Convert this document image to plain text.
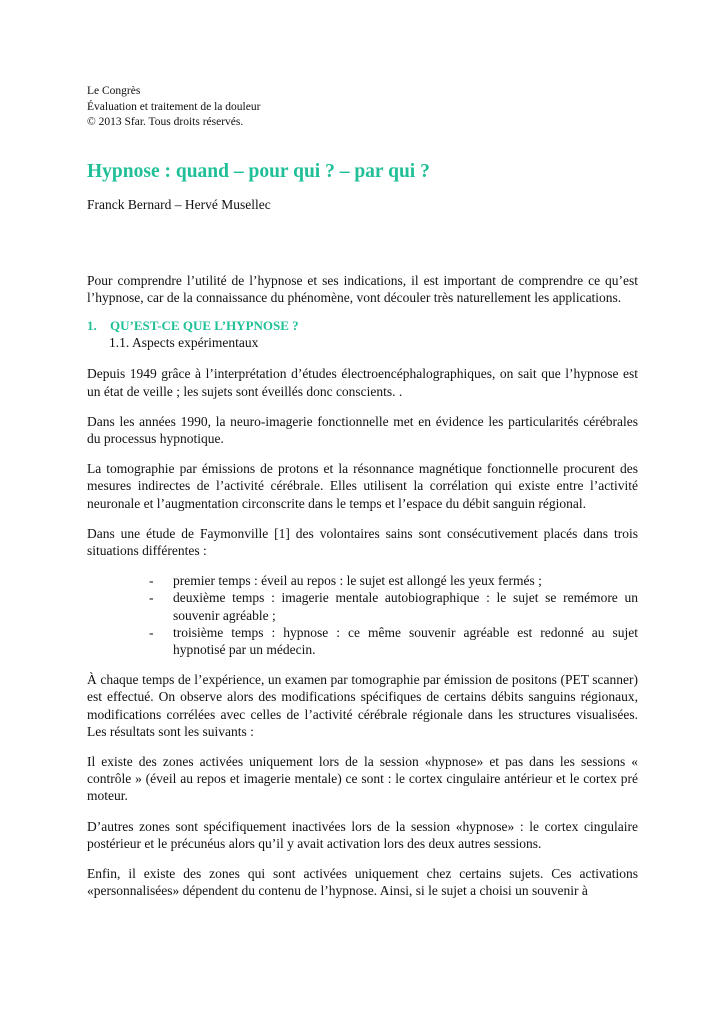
Le Congrès
Évaluation et traitement de la douleur
© 2013 Sfar. Tous droits réservés.
Hypnose : quand – pour qui ? – par qui ?
Franck Bernard – Hervé Musellec

Pour comprendre l’utilité de l’hypnose et ses indications, il est important de comprendre ce qu’est l’hypnose, car de la connaissance du phénomène, vont découler très naturellement les applications.

1. QU’EST-CE QUE L’HYPNOSE ?
1.1. Aspects expérimentaux

Depuis 1949 grâce à l’interprétation d’études électroencéphalographiques, on sait que l’hypnose est un état de veille ; les sujets sont éveillés donc conscients. .

Dans les années 1990, la neuro-imagerie fonctionnelle met en évidence les particularités cérébrales du processus hypnotique.

La tomographie par émissions de protons et la résonnance magnétique fonctionnelle procurent des mesures indirectes de l’activité cérébrale. Elles utilisent la corrélation qui existe entre l’activité neuronale et l’augmentation circonscrite dans le temps et l’espace du débit sanguin régional.

Dans une étude de Faymonville [1] des volontaires sains sont consécutivement placés dans trois situations différentes :

- premier temps : éveil au repos : le sujet est allongé les yeux fermés ;
- deuxième temps : imagerie mentale autobiographique : le sujet se remémore un souvenir agréable ;
- troisième temps : hypnose : ce même souvenir agréable est redonné au sujet hypnotisé par un médecin.

À chaque temps de l’expérience, un examen par tomographie par émission de positons (PET scanner) est effectué. On observe alors des modifications spécifiques de certains débits sanguins régionaux, modifications corrélées avec celles de l’activité cérébrale régionale dans les structures visualisées. Les résultats sont les suivants :

Il existe des zones activées uniquement lors de la session «hypnose» et pas dans les sessions « contrôle » (éveil au repos et imagerie mentale) ce sont : le cortex cingulaire antérieur et le cortex pré moteur.

D’autres zones sont spécifiquement inactivées lors de la session «hypnose» : le cortex cingulaire postérieur et le précunéus alors qu’il y avait activation lors des deux autres sessions.

Enfin, il existe des zones qui sont activées uniquement chez certains sujets. Ces activations «personnalisées» dépendent du contenu de l’hypnose. Ainsi, si le sujet a choisi un souvenir à
